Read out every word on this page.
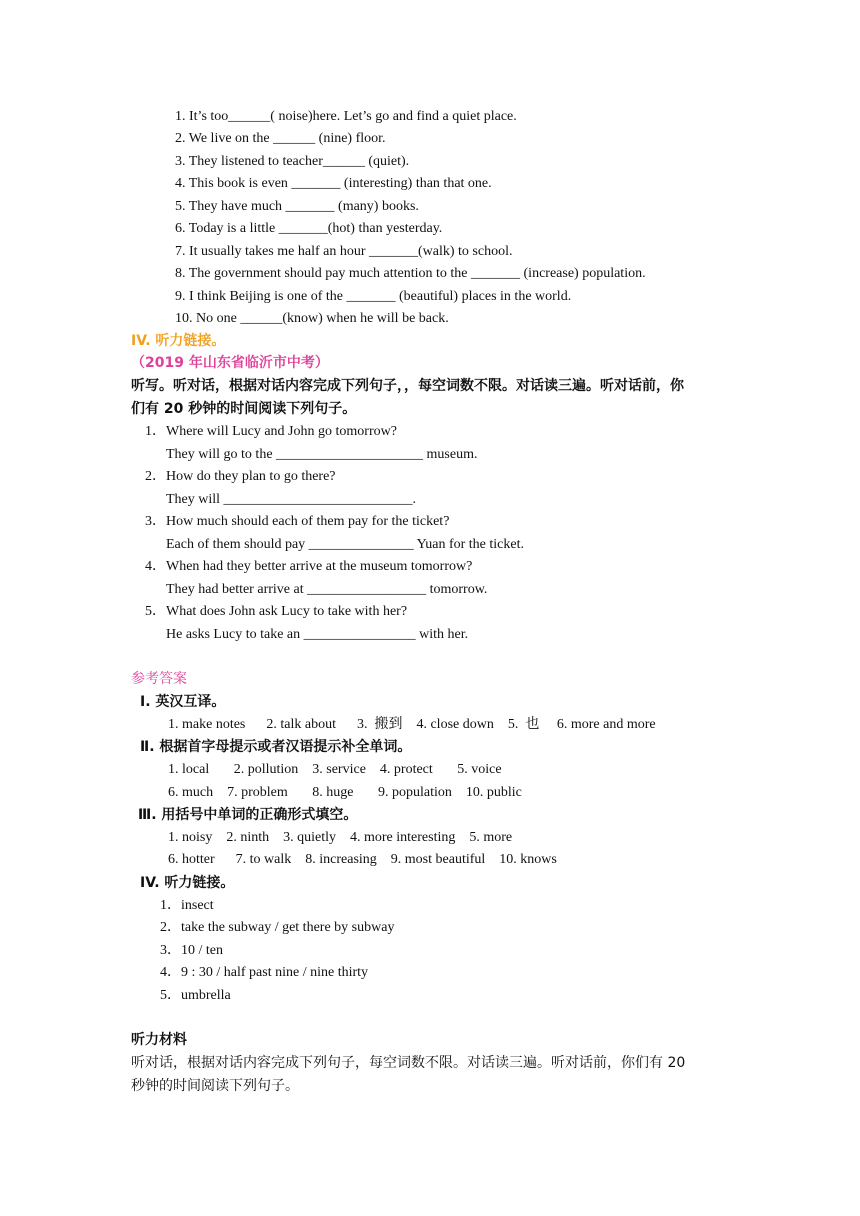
1. It’s too______( noise)here. Let’s go and find a quiet place.
2. We live on the ______ (nine) floor.
3. They listened to teacher______ (quiet).
4. This book is even _______ (interesting) than that one.
5. They have much _______ (many) books.
6. Today is a little _______(hot) than yesterday.
7. It usually takes me half an hour _______(walk) to school.
8. The government should pay much attention to the _______ (increase) population.
9. I think Beijing is one of the _______ (beautiful) places in the world.
10. No one ______(know) when he will be back.
IV. 听力链接。
（2019 年山东省临沂市中考）
听写。听对话，根据对话内容完成下列句子，，每空词数不限。对话读三遍。听对话前，你
们有 20 秒钟的时间阅读下列句子。
1．Where will Lucy and John go tomorrow?
They will go to the _____________________ museum.
2．How do they plan to go there?
They will ___________________________.
3．How much should each of them pay for the ticket?
Each of them should pay _______________ Yuan for the ticket.
4．When had they better arrive at the museum tomorrow?
They had better arrive at _________________ tomorrow.
5．What does John ask Lucy to take with her?
He asks Lucy to take an ________________ with her.
参考答案
Ⅰ. 英汉互译。
1. make notes      2. talk about      3.  搬到    4. close down    5.  也     6. more and more
Ⅱ. 根据首字母提示或者汉语提示补全单词。
1. local       2. pollution    3. service    4. protect       5. voice
6. much    7. problem       8. huge       9. population    10. public
Ⅲ. 用括号中单词的正确形式填空。
1. noisy    2. ninth    3. quietly    4. more interesting    5. more
6. hotter      7. to walk    8. increasing    9. most beautiful    10. knows
IV. 听力链接。
1．insect
2．take the subway / get there by subway
3．10 / ten
4．9 : 30 / half past nine / nine thirty
5．umbrella
听力材料
听对话，根据对话内容完成下列句子，每空词数不限。对话读三遍。听对话前，你们有 20
秒钟的时间阅读下列句子。
